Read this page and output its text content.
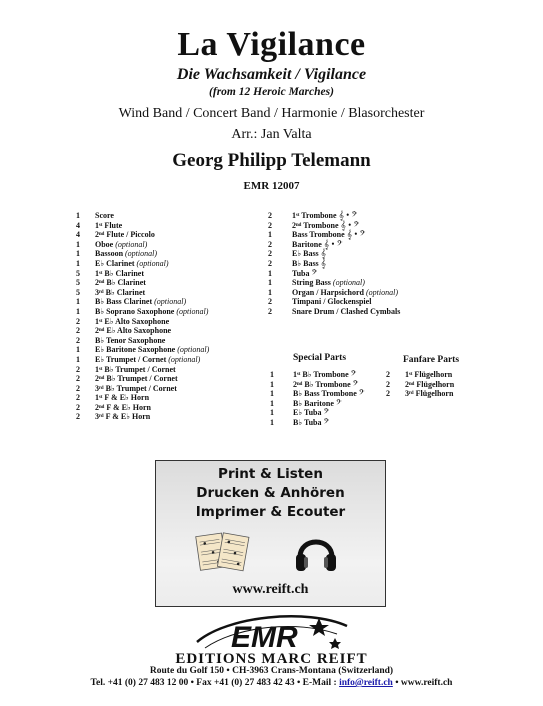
La Vigilance
Die Wachsamkeit / Vigilance
(from 12 Heroic Marches)
Wind Band / Concert Band / Harmonie / Blasorchester
Arr.: Jan Valta
Georg Philipp Telemann
EMR 12007
1 Score
4 1ˢᵗ Flute
4 2ⁿᵈ Flute / Piccolo
1 Oboe (optional)
1 Bassoon (optional)
1 E♭ Clarinet (optional)
5 1ˢᵗ B♭ Clarinet
5 2ⁿᵈ B♭ Clarinet
5 3ʳᵈ B♭ Clarinet
1 B♭ Bass Clarinet (optional)
1 B♭ Soprano Saxophone (optional)
2 1ˢᵗ E♭ Alto Saxophone
2 2ⁿᵈ E♭ Alto Saxophone
2 B♭ Tenor Saxophone
1 E♭ Baritone Saxophone (optional)
1 E♭ Trumpet / Cornet (optional)
2 1ˢᵗ B♭ Trumpet / Cornet
2 2ⁿᵈ B♭ Trumpet / Cornet
2 3ʳᵈ B♭ Trumpet / Cornet
2 1ˢᵗ F & E♭ Horn
2 2ⁿᵈ F & E♭ Horn
2 3ʳᵈ F & E♭ Horn
2	1ˢᵗ Trombone 𝄞 • 𝄢
2	2ⁿᵈ Trombone 𝄞 • 𝄢
1	Bass Trombone 𝄞 • 𝄢
2	Baritone 𝄞 • 𝄢
2	E♭ Bass 𝄞
2	B♭ Bass 𝄞
1	Tuba 𝄢
1	String Bass (optional)
1	Organ / Harpsichord (optional)
2	Timpani / Glockenspiel
2	Snare Drum / Clashed Cymbals
Special Parts	Fanfare Parts
1 1ˢᵗ B♭ Trombone 𝄢
1 2ⁿᵈ B♭ Trombone 𝄢
1 B♭ Bass Trombone 𝄢
1 B♭ Baritone 𝄢
1 E♭ Tuba 𝄢
1 B♭ Tuba 𝄢
2 1ˢᵗ Flügelhorn
2 2ⁿᵈ Flügelhorn
2 3ʳᵈ Flügelhorn
Print & Listen
Drucken & Anhören
Imprimer & Ecouter
www.reift.ch
EMR
EDITIONS MARC REIFT
Route du Golf 150 • CH-3963 Crans-Montana (Switzerland)
Tel. +41 (0) 27 483 12 00 • Fax +41 (0) 27 483 42 43 • E-Mail : info@reift.ch • www.reift.ch
